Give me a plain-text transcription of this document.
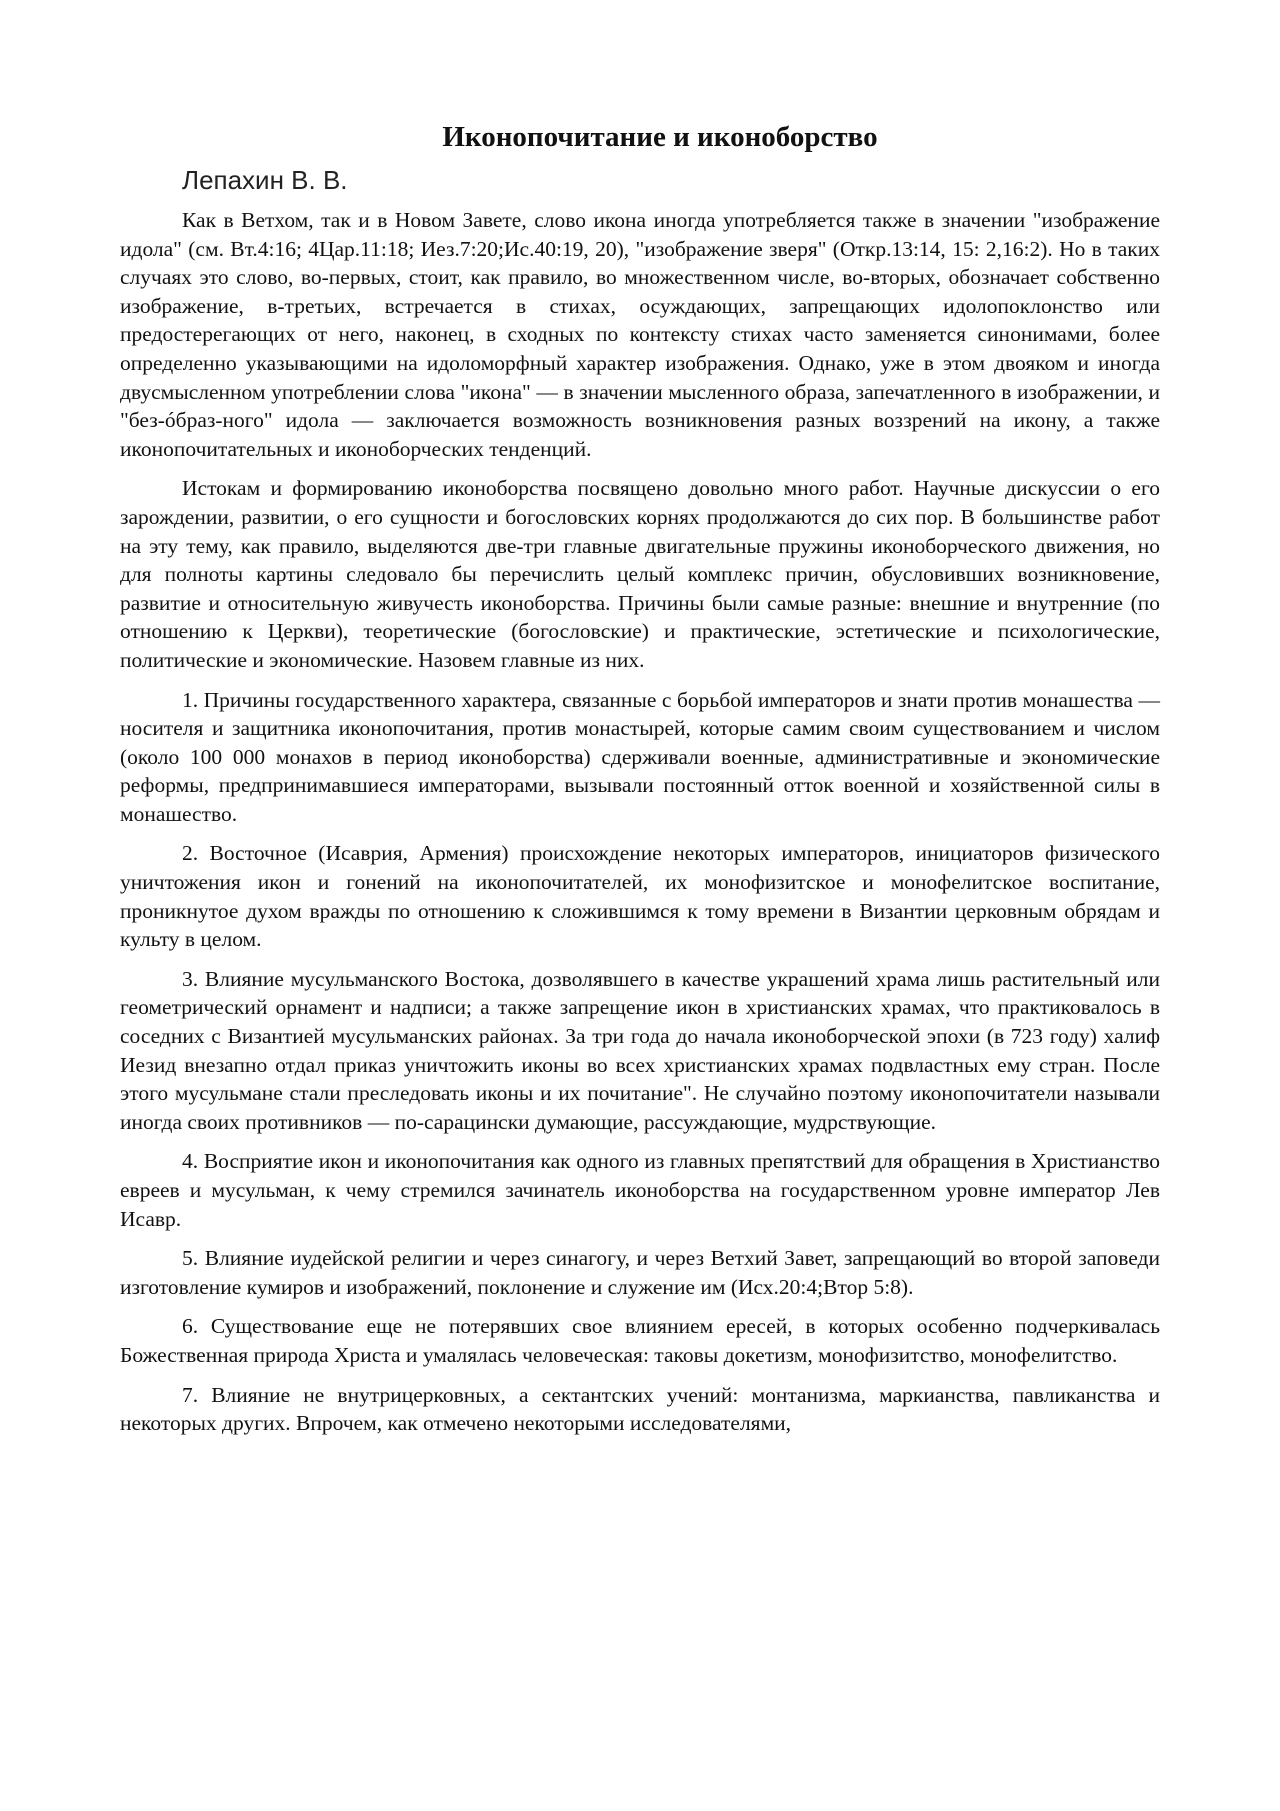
Иконопочитание и иконоборство
Лепахин В. В.

Как в Ветхом, так и в Новом Завете, слово икона иногда употребляется также в значении "изображение идола" (см. Вт.4:16; 4Цар.11:18; Иез.7:20;Ис.40:19, 20), "изображение зверя" (Откр.13:14, 15: 2,16:2). Но в таких случаях это слово, во-первых, стоит, как правило, во множественном числе, во-вторых, обозначает собственно изображение, в-третьих, встречается в стихах, осуждающих, запрещающих идолопоклонство или предостерегающих от него, наконец, в сходных по контексту стихах часто заменяется синонимами, более определенно указывающими на идоломорфный характер изображения. Однако, уже в этом двояком и иногда двусмысленном употреблении слова "икона" — в значении мысленного образа, запечатленного в изображении, и "без-óбраз-ного" идола — заключается возможность возникновения разных воззрений на икону, а также иконопочитательных и иконоборческих тенденций.

Истокам и формированию иконоборства посвящено довольно много работ. Научные дискуссии о его зарождении, развитии, о его сущности и богословских корнях продолжаются до сих пор. В большинстве работ на эту тему, как правило, выделяются две-три главные двигательные пружины иконоборческого движения, но для полноты картины следовало бы перечислить целый комплекс причин, обусловивших возникновение, развитие и относительную живучесть иконоборства. Причины были самые разные: внешние и внутренние (по отношению к Церкви), теоретические (богословские) и практические, эстетические и психологические, политические и экономические. Назовем главные из них.

1. Причины государственного характера, связанные с борьбой императоров и знати против монашества — носителя и защитника иконопочитания, против монастырей, которые самим своим существованием и числом (около 100 000 монахов в период иконоборства) сдерживали военные, административные и экономические реформы, предпринимавшиеся императорами, вызывали постоянный отток военной и хозяйственной силы в монашество.

2. Восточное (Исаврия, Армения) происхождение некоторых императоров, инициаторов физического уничтожения икон и гонений на иконопочитателей, их монофизитское и монофелитское воспитание, проникнутое духом вражды по отношению к сложившимся к тому времени в Византии церковным обрядам и культу в целом.

3. Влияние мусульманского Востока, дозволявшего в качестве украшений храма лишь растительный или геометрический орнамент и надписи; а также запрещение икон в христианских храмах, что практиковалось в соседних с Византией мусульманских районах. За три года до начала иконоборческой эпохи (в 723 году) халиф Иезид внезапно отдал приказ уничтожить иконы во всех христианских храмах подвластных ему стран. После этого мусульмане стали преследовать иконы и их почитание". Не случайно поэтому иконопочитатели называли иногда своих противников — по-сарацински думающие, рассуждающие, мудрствующие.

4. Восприятие икон и иконопочитания как одного из главных препятствий для обращения в Христианство евреев и мусульман, к чему стремился зачинатель иконоборства на государственном уровне император Лев Исавр.

5. Влияние иудейской религии и через синагогу, и через Ветхий Завет, запрещающий во второй заповеди изготовление кумиров и изображений, поклонение и служение им (Исх.20:4;Втор 5:8).

6. Существование еще не потерявших свое влиянием ересей, в которых особенно подчеркивалась Божественная природа Христа и умалялась человеческая: таковы докетизм, монофизитство, монофелитство.

7. Влияние не внутрицерковных, а сектантских учений: монтанизма, маркианства, павликанства и некоторых других. Впрочем, как отмечено некоторыми исследователями,
